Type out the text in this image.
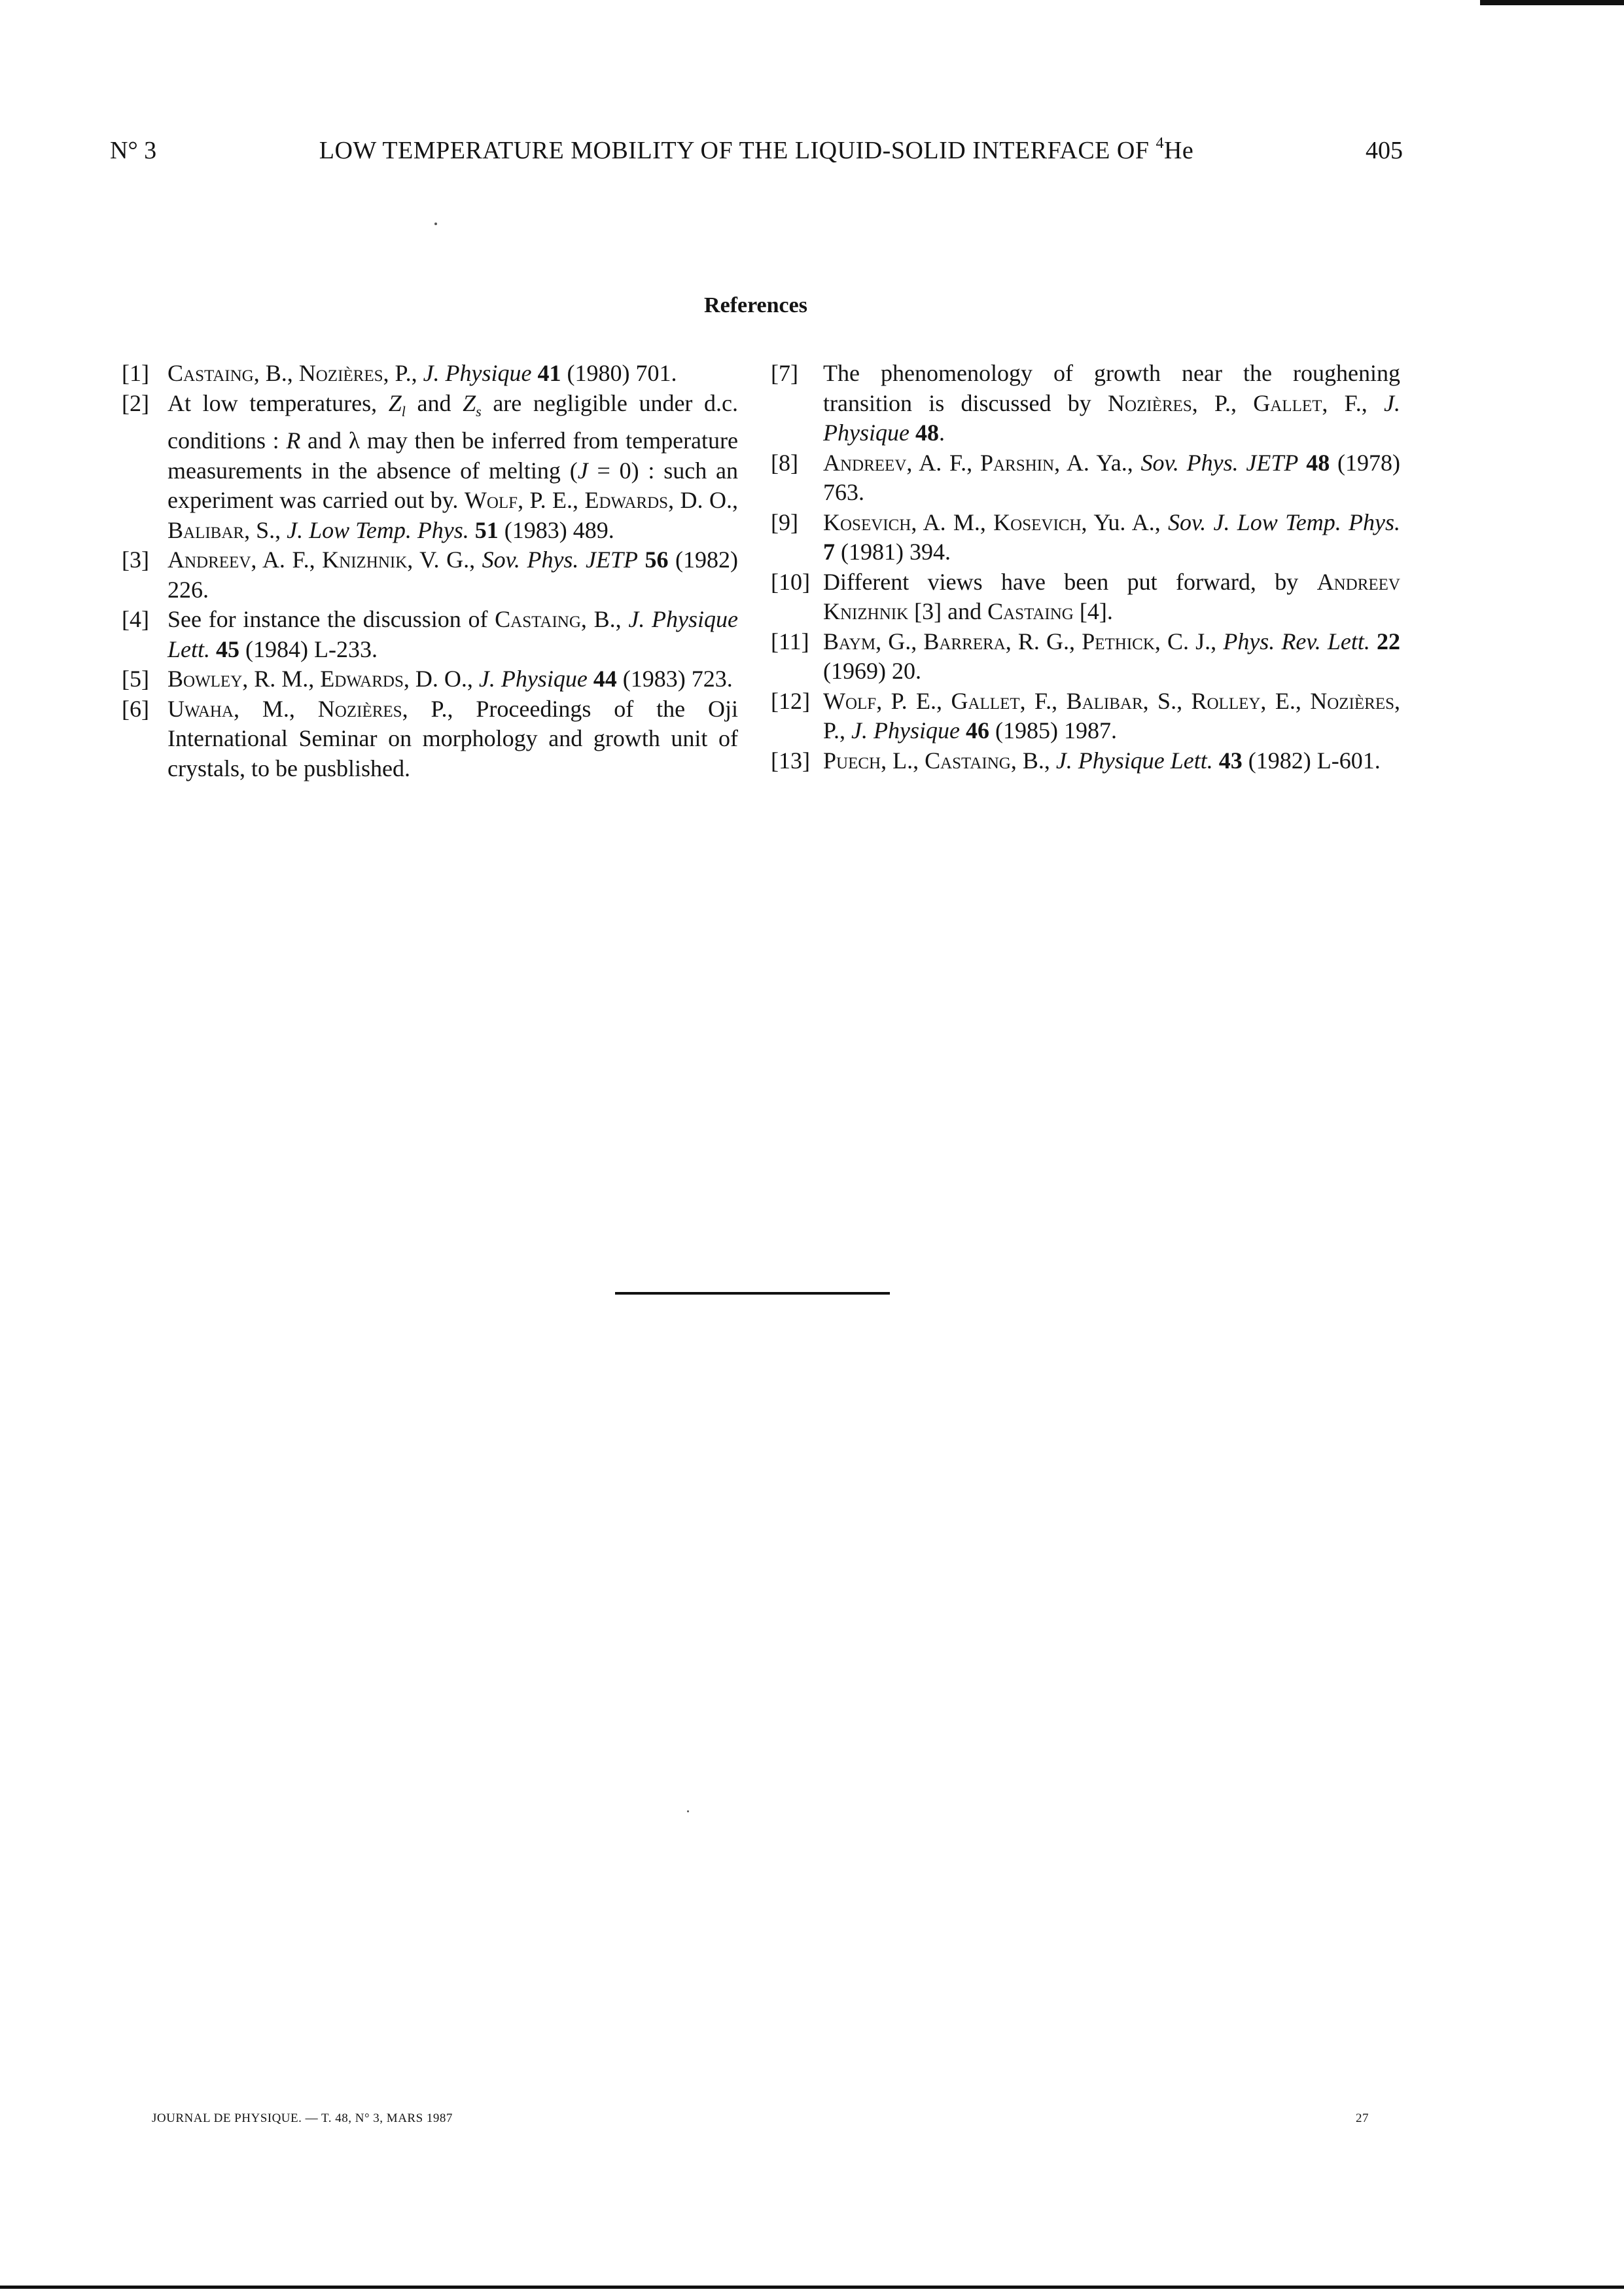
N° 3	LOW TEMPERATURE MOBILITY OF THE LIQUID-SOLID INTERFACE OF $^4$He	405
References
[1] Castaing, B., Nozières, P., J. Physique 41 (1980) 701.
[2] At low temperatures, $Z_l$ and $Z_s$ are negligible under d.c. conditions : R and λ may then be inferred from temperature measurements in the absence of melting (J = 0) : such an experiment was carried out by. Wolf, P. E., Edwards, D. O., Balibar, S., J. Low Temp. Phys. 51 (1983) 489.
[3] Andreev, A. F., Knizhnik, V. G., Sov. Phys. JETP 56 (1982) 226.
[4] See for instance the discussion of Castaing, B., J. Physique Lett. 45 (1984) L-233.
[5] Bowley, R. M., Edwards, D. O., J. Physique 44 (1983) 723.
[6] Uwaha, M., Nozières, P., Proceedings of the Oji International Seminar on morphology and growth unit of crystals, to be pusblished.
[7] The phenomenology of growth near the roughening transition is discussed by Nozières, P., Gallet, F., J. Physique 48.
[8] Andreev, A. F., Parshin, A. Ya., Sov. Phys. JETP 48 (1978) 763.
[9] Kosevich, A. M., Kosevich, Yu. A., Sov. J. Low Temp. Phys. 7 (1981) 394.
[10] Different views have been put forward, by Andreev Knizhnik [3] and Castaing [4].
[11] Baym, G., Barrera, R. G., Pethick, C. J., Phys. Rev. Lett. 22 (1969) 20.
[12] Wolf, P. E., Gallet, F., Balibar, S., Rolley, E., Nozières, P., J. Physique 46 (1985) 1987.
[13] Puech, L., Castaing, B., J. Physique Lett. 43 (1982) L-601.
JOURNAL DE PHYSIQUE. — T. 48, N° 3, MARS 1987	27
